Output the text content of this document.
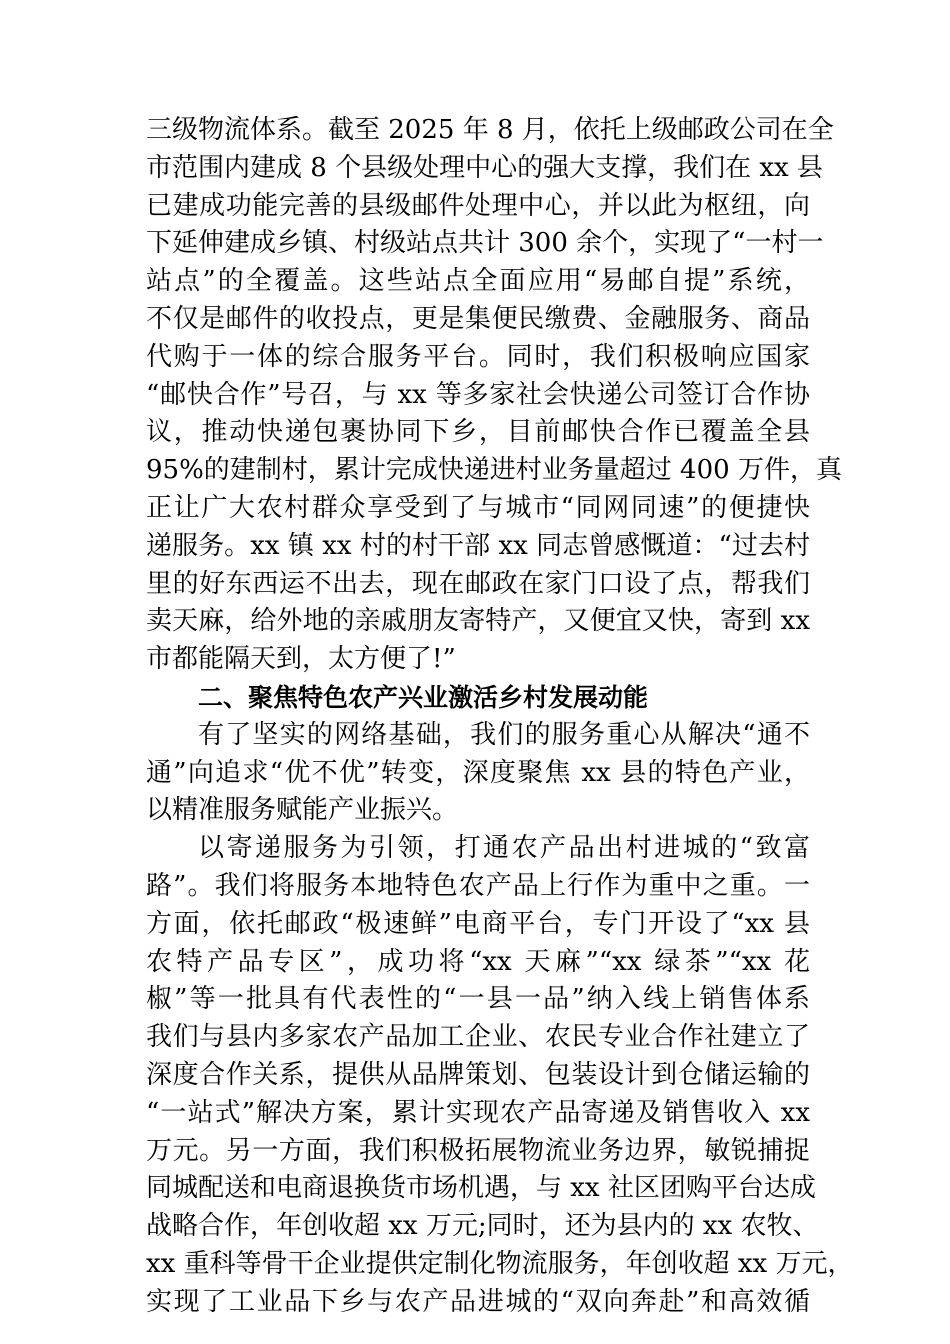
三级物流体系。截至 2025 年 8 月，依托上级邮政公司在全
市范围内建成 8 个县级处理中心的强大支撑，我们在 xx 县
已建成功能完善的县级邮件处理中心，并以此为枢纽，向
下延伸建成乡镇、村级站点共计 300 余个，实现了“一村一
站点”的全覆盖。这些站点全面应用“易邮自提”系统，
不仅是邮件的收投点，更是集便民缴费、金融服务、商品
代购于一体的综合服务平台。同时，我们积极响应国家
“邮快合作”号召，与 xx 等多家社会快递公司签订合作协
议，推动快递包裹协同下乡，目前邮快合作已覆盖全县
95%的建制村，累计完成快递进村业务量超过 400 万件，真
正让广大农村群众享受到了与城市“同网同速”的便捷快
递服务。xx 镇 xx 村的村干部 xx 同志曾感慨道：“过去村
里的好东西运不出去，现在邮政在家门口设了点，帮我们
卖天麻，给外地的亲戚朋友寄特产，又便宜又快，寄到 xx
市都能隔天到，太方便了!”
二、聚焦特色农产兴业激活乡村发展动能
有了坚实的网络基础，我们的服务重心从解决“通不
通”向追求“优不优”转变，深度聚焦 xx 县的特色产业，
以精准服务赋能产业振兴。
以寄递服务为引领，打通农产品出村进城的“致富
路”。我们将服务本地特色农产品上行作为重中之重。一
方面，依托邮政“极速鲜”电商平台，专门开设了“xx 县
农特产品专区”，成功将“xx 天麻”“xx 绿茶”“xx 花
椒”等一批具有代表性的“一县一品”纳入线上销售体系
我们与县内多家农产品加工企业、农民专业合作社建立了
深度合作关系，提供从品牌策划、包装设计到仓储运输的
“一站式”解决方案，累计实现农产品寄递及销售收入 xx
万元。另一方面，我们积极拓展物流业务边界，敏锐捕捉
同城配送和电商退换货市场机遇，与 xx 社区团购平台达成
战略合作，年创收超 xx 万元;同时，还为县内的 xx 农牧、
xx 重科等骨干企业提供定制化物流服务，年创收超 xx 万元，
实现了工业品下乡与农产品进城的“双向奔赴”和高效循
